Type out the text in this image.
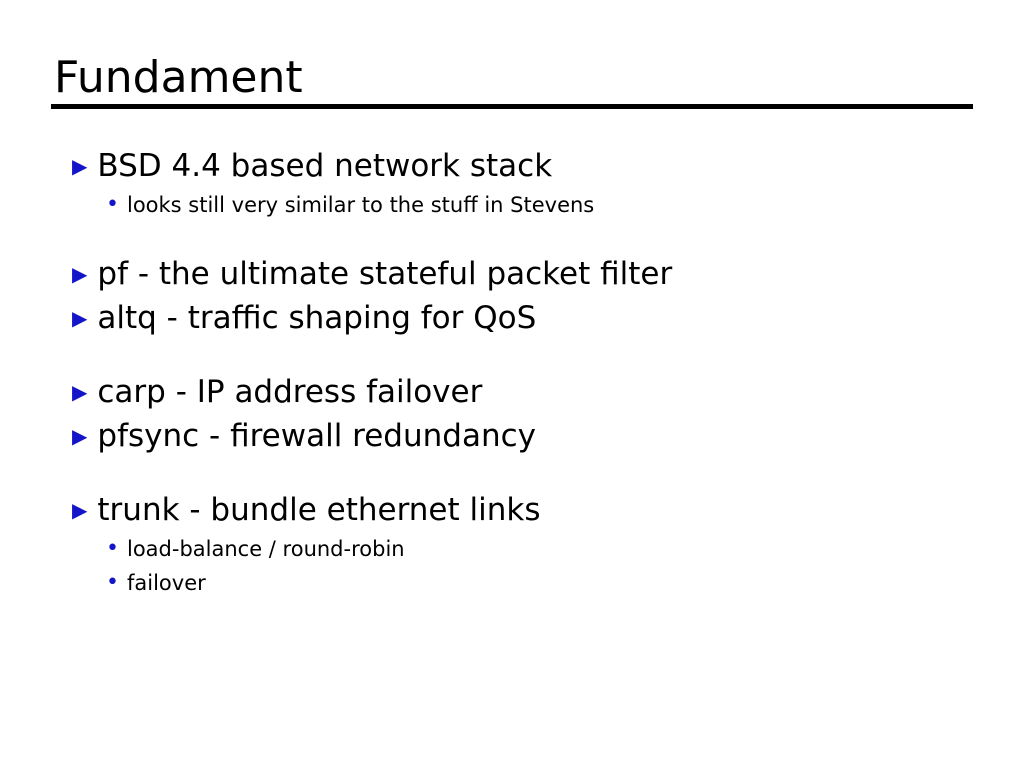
Fundament
▶ BSD 4.4 based network stack
• looks still very similar to the stuff in Stevens
▶ pf - the ultimate stateful packet filter
▶ altq - traffic shaping for QoS
▶ carp - IP address failover
▶ pfsync - firewall redundancy
▶ trunk - bundle ethernet links
• load-balance / round-robin
• failover
